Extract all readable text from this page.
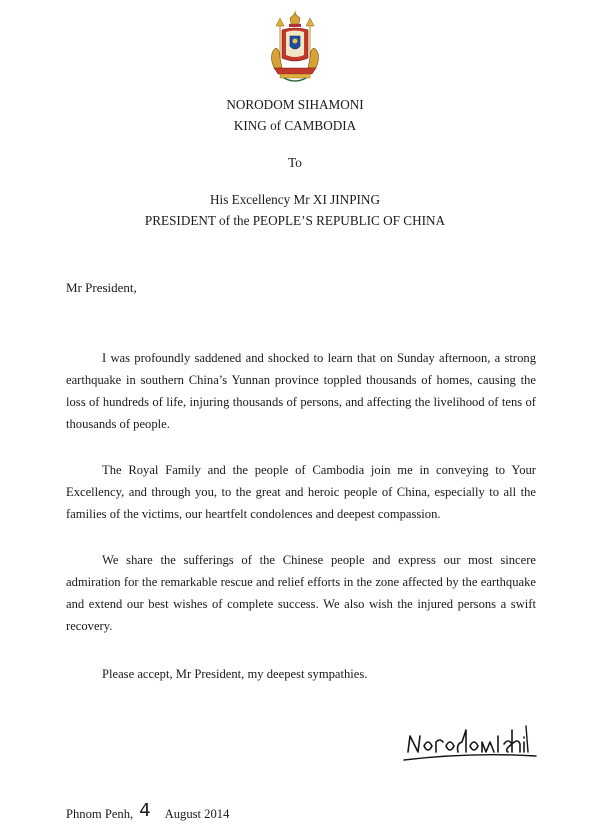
NORODOM SIHAMONI
KING of CAMBODIA
To
His Excellency Mr XI JINPING
PRESIDENT of the PEOPLE’S REPUBLIC OF CHINA
Mr President,

I was profoundly saddened and shocked to learn that on Sunday afternoon, a strong earthquake in southern China’s Yunnan province toppled thousands of homes, causing the loss of hundreds of life, injuring thousands of persons, and affecting the livelihood of tens of thousands of people.

The Royal Family and the people of Cambodia join me in conveying to Your Excellency, and through you, to the great and heroic people of China, especially to all the families of the victims, our heartfelt condolences and deepest compassion.

We share the sufferings of the Chinese people and express our most sincere admiration for the remarkable rescue and relief efforts in the zone affected by the earthquake and extend our best wishes of complete success. We also wish the injured persons a swift recovery.

Please accept, Mr President, my deepest sympathies.
Phnom Penh, 4 August 2014
